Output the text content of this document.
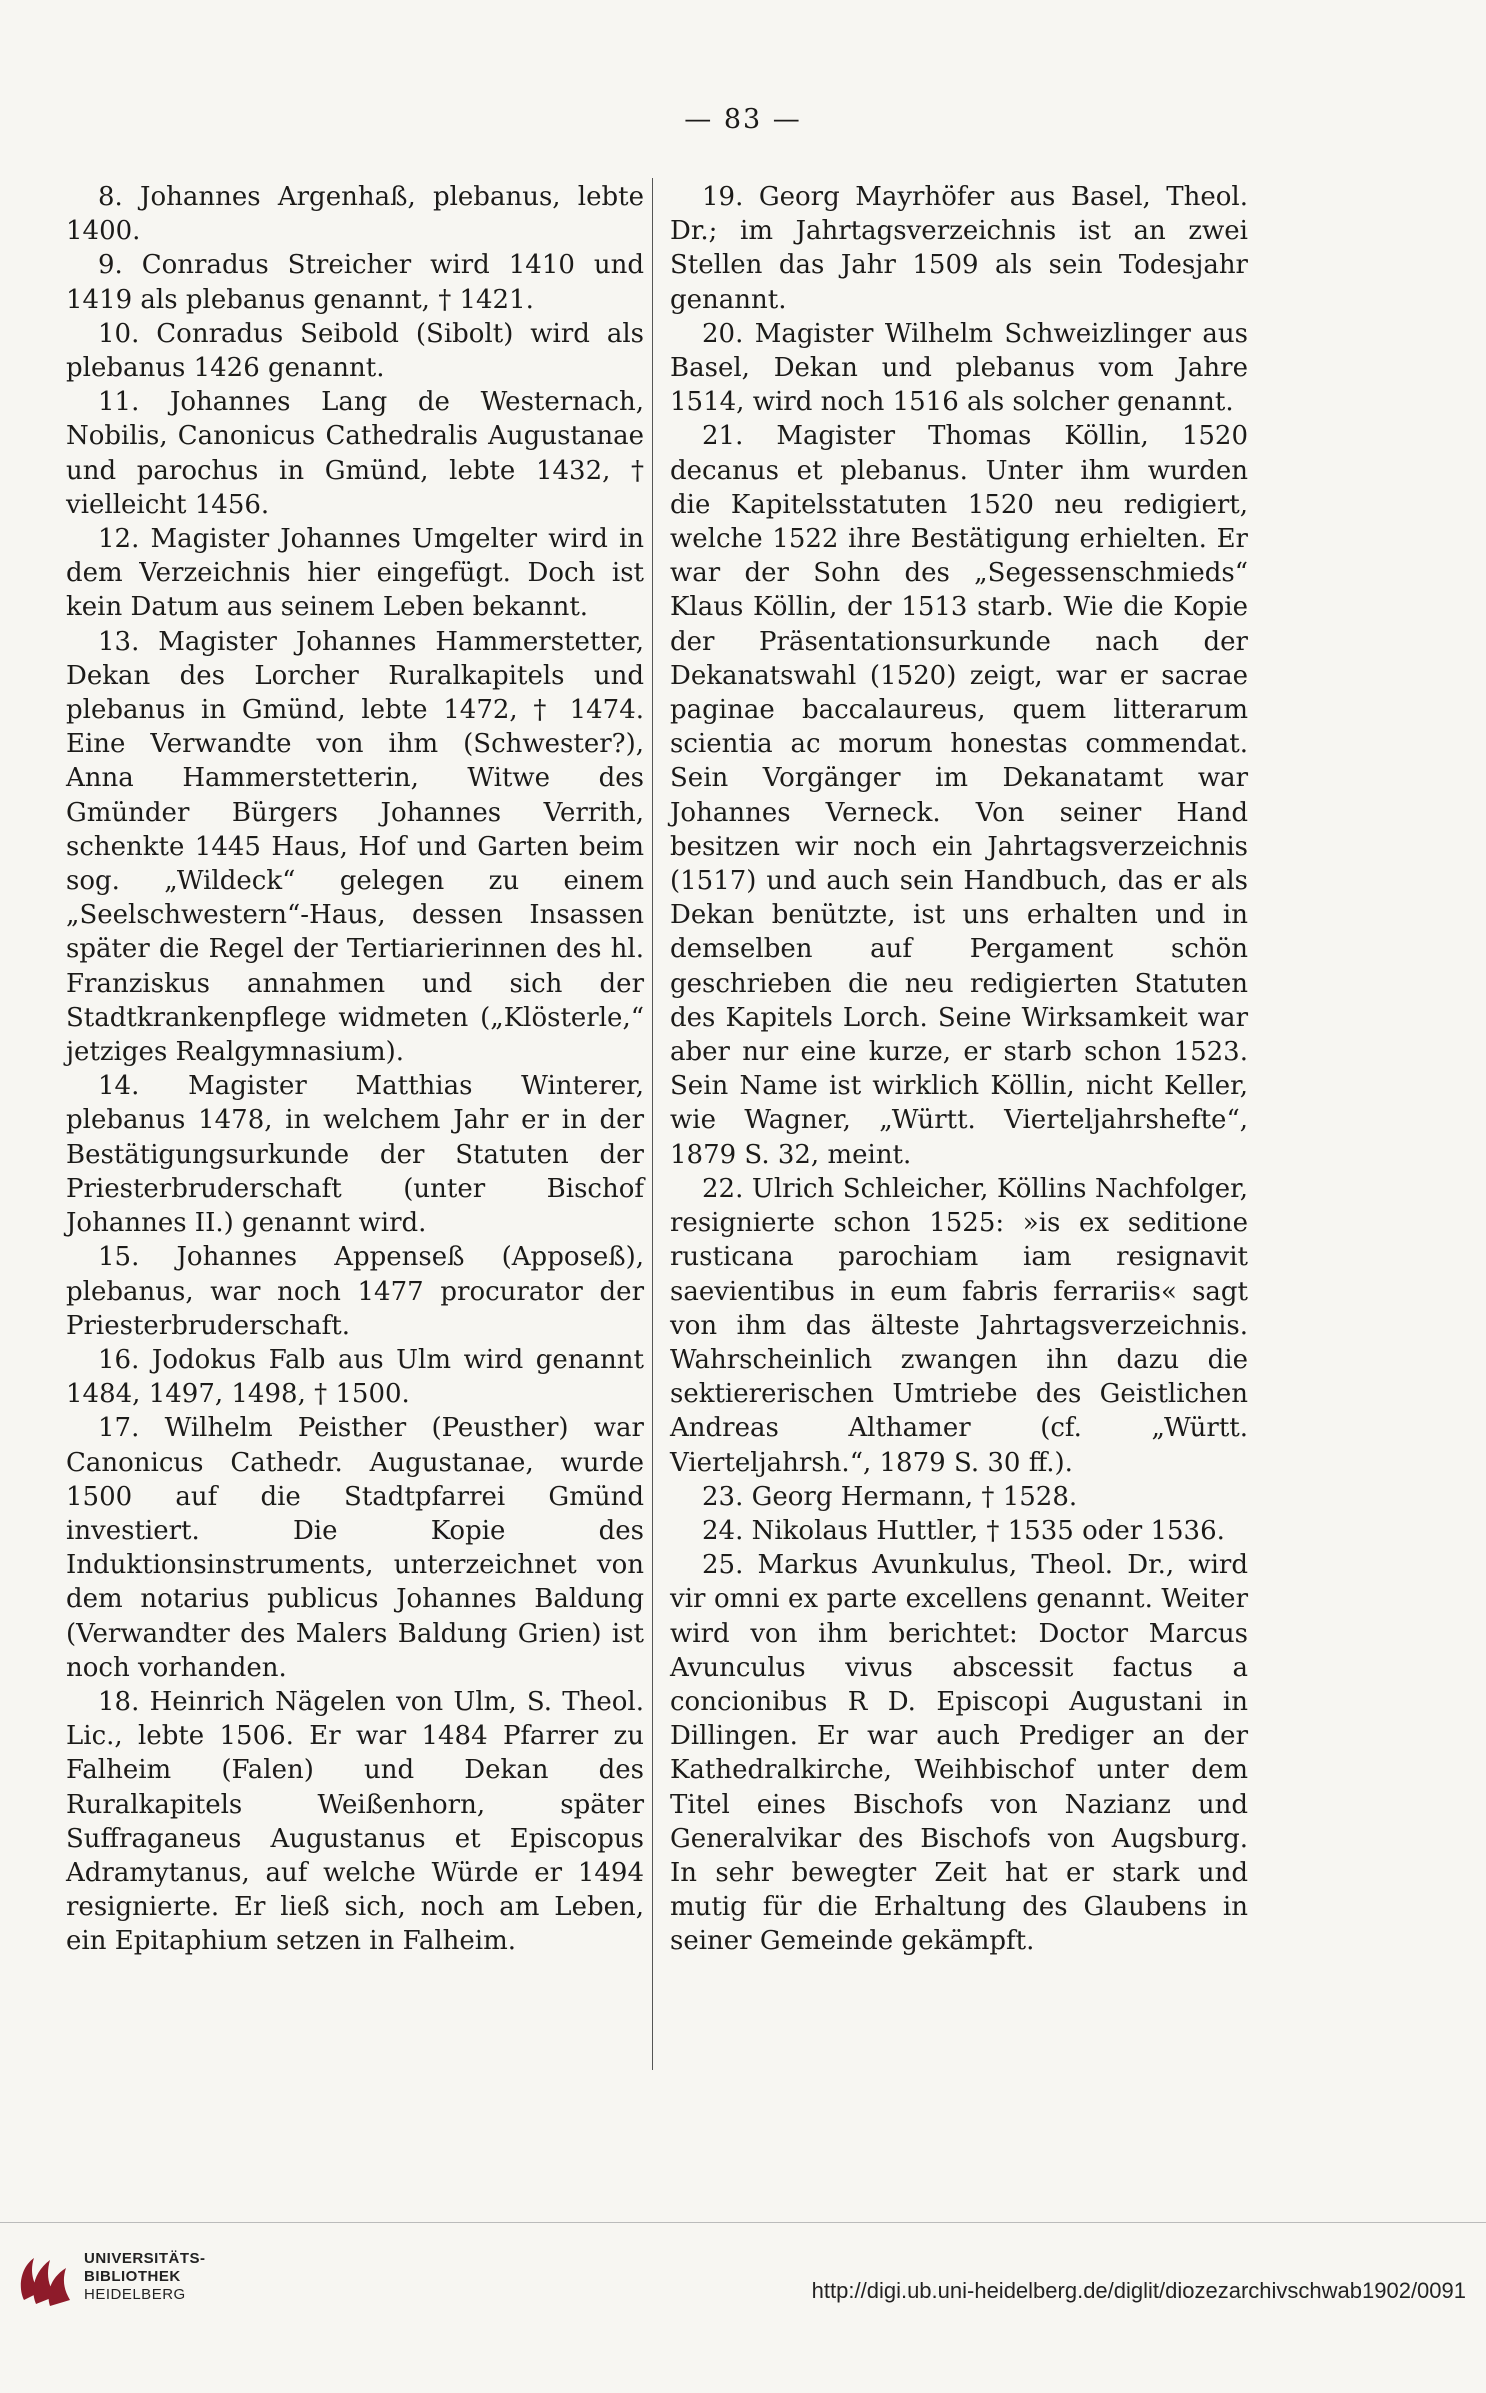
— 83 —

8. Johannes Argenhaß, plebanus, lebte 1400.

9. Conradus Streicher wird 1410 und 1419 als plebanus genannt, † 1421.

10. Conradus Seibold (Sibolt) wird als plebanus 1426 genannt.

11. Johannes Lang de Westernach, Nobilis, Canonicus Cathedralis Augustanae und parochus in Gmünd, lebte 1432, † vielleicht 1456.

12. Magister Johannes Umgelter wird in dem Verzeichnis hier eingefügt. Doch ist kein Datum aus seinem Leben bekannt.

13. Magister Johannes Hammerstetter, Dekan des Lorcher Ruralkapitels und plebanus in Gmünd, lebte 1472, † 1474. Eine Verwandte von ihm (Schwester?), Anna Hammerstetterin, Witwe des Gmünder Bürgers Johannes Verrith, schenkte 1445 Haus, Hof und Garten beim sog. „Wildeck“ gelegen zu einem „Seelschwestern“-Haus, dessen Insassen später die Regel der Tertiarierinnen des hl. Franziskus annahmen und sich der Stadtkrankenpflege widmeten („Klösterle,“ jetziges Realgymnasium).

14. Magister Matthias Winterer, plebanus 1478, in welchem Jahr er in der Bestätigungsurkunde der Statuten der Priesterbruderschaft (unter Bischof Johannes II.) genannt wird.

15. Johannes Appenseß (Apposeß), plebanus, war noch 1477 procurator der Priesterbruderschaft.

16. Jodokus Falb aus Ulm wird genannt 1484, 1497, 1498, † 1500.

17. Wilhelm Peisther (Peusther) war Canonicus Cathedr. Augustanae, wurde 1500 auf die Stadtpfarrei Gmünd investiert. Die Kopie des Induktionsinstruments, unterzeichnet von dem notarius publicus Johannes Baldung (Verwandter des Malers Baldung Grien) ist noch vorhanden.

18. Heinrich Nägelen von Ulm, S. Theol. Lic., lebte 1506. Er war 1484 Pfarrer zu Falheim (Falen) und Dekan des Ruralkapitels Weißenhorn, später Suffraganeus Augustanus et Episcopus Adramytanus, auf welche Würde er 1494 resignierte. Er ließ sich, noch am Leben, ein Epitaphium setzen in Falheim.

19. Georg Mayrhöfer aus Basel, Theol. Dr.; im Jahrtagsverzeichnis ist an zwei Stellen das Jahr 1509 als sein Todesjahr genannt.

20. Magister Wilhelm Schweizlinger aus Basel, Dekan und plebanus vom Jahre 1514, wird noch 1516 als solcher genannt.

21. Magister Thomas Köllin, 1520 decanus et plebanus. Unter ihm wurden die Kapitelsstatuten 1520 neu redigiert, welche 1522 ihre Bestätigung erhielten. Er war der Sohn des „Segessenschmieds“ Klaus Köllin, der 1513 starb. Wie die Kopie der Präsentationsurkunde nach der Dekanatswahl (1520) zeigt, war er sacrae paginae baccalaureus, quem litterarum scientia ac morum honestas commendat. Sein Vorgänger im Dekanatamt war Johannes Verneck. Von seiner Hand besitzen wir noch ein Jahrtagsverzeichnis (1517) und auch sein Handbuch, das er als Dekan benützte, ist uns erhalten und in demselben auf Pergament schön geschrieben die neu redigierten Statuten des Kapitels Lorch. Seine Wirksamkeit war aber nur eine kurze, er starb schon 1523. Sein Name ist wirklich Köllin, nicht Keller, wie Wagner, „Württ. Vierteljahrshefte“, 1879 S. 32, meint.

22. Ulrich Schleicher, Köllins Nachfolger, resignierte schon 1525: »is ex seditione rusticana parochiam iam resignavit saevientibus in eum fabris ferrariis« sagt von ihm das älteste Jahrtagsverzeichnis. Wahrscheinlich zwangen ihn dazu die sektiererischen Umtriebe des Geistlichen Andreas Althamer (cf. „Württ. Vierteljahrsh.“, 1879 S. 30 ff.).

23. Georg Hermann, † 1528.

24. Nikolaus Huttler, † 1535 oder 1536.

25. Markus Avunkulus, Theol. Dr., wird vir omni ex parte excellens genannt. Weiter wird von ihm berichtet: Doctor Marcus Avunculus vivus abscessit factus a concionibus R D. Episcopi Augustani in Dillingen. Er war auch Prediger an der Kathedralkirche, Weihbischof unter dem Titel eines Bischofs von Nazianz und Generalvikar des Bischofs von Augsburg. In sehr bewegter Zeit hat er stark und mutig für die Erhaltung des Glaubens in seiner Gemeinde gekämpft.

UNIVERSITÄTS-
BIBLIOTHEK
HEIDELBERG	http://digi.ub.uni-heidelberg.de/diglit/diozezarchivschwab1902/0091
